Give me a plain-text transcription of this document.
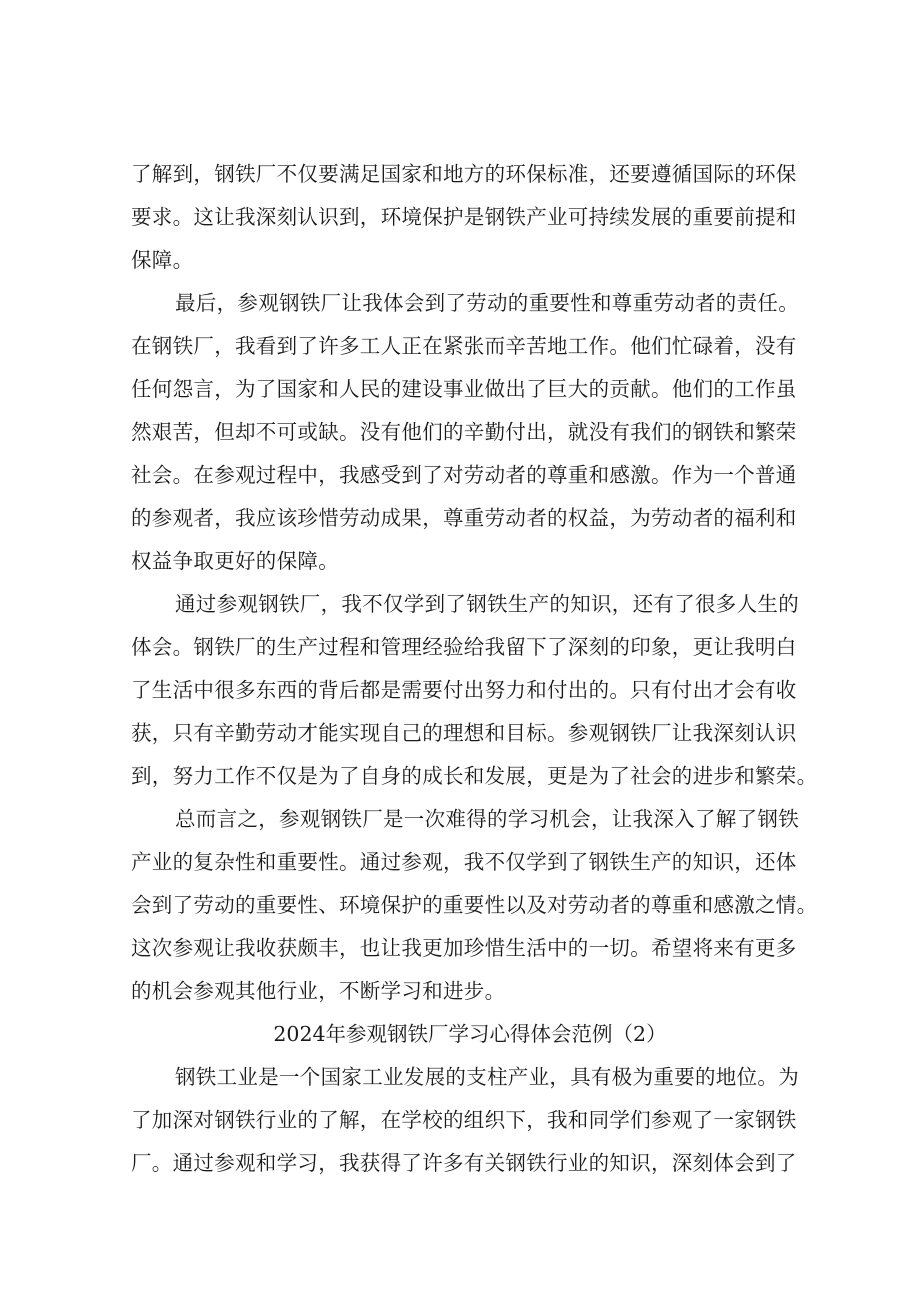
了解到，钢铁厂不仅要满足国家和地方的环保标准，还要遵循国际的环保
要求。这让我深刻认识到，环境保护是钢铁产业可持续发展的重要前提和
保障。
最后，参观钢铁厂让我体会到了劳动的重要性和尊重劳动者的责任。
在钢铁厂，我看到了许多工人正在紧张而辛苦地工作。他们忙碌着，没有
任何怨言，为了国家和人民的建设事业做出了巨大的贡献。他们的工作虽
然艰苦，但却不可或缺。没有他们的辛勤付出，就没有我们的钢铁和繁荣
社会。在参观过程中，我感受到了对劳动者的尊重和感激。作为一个普通
的参观者，我应该珍惜劳动成果，尊重劳动者的权益，为劳动者的福利和
权益争取更好的保障。
通过参观钢铁厂，我不仅学到了钢铁生产的知识，还有了很多人生的
体会。钢铁厂的生产过程和管理经验给我留下了深刻的印象，更让我明白
了生活中很多东西的背后都是需要付出努力和付出的。只有付出才会有收
获，只有辛勤劳动才能实现自己的理想和目标。参观钢铁厂让我深刻认识
到，努力工作不仅是为了自身的成长和发展，更是为了社会的进步和繁荣。
总而言之，参观钢铁厂是一次难得的学习机会，让我深入了解了钢铁
产业的复杂性和重要性。通过参观，我不仅学到了钢铁生产的知识，还体
会到了劳动的重要性、环境保护的重要性以及对劳动者的尊重和感激之情。
这次参观让我收获颇丰，也让我更加珍惜生活中的一切。希望将来有更多
的机会参观其他行业，不断学习和进步。
2024年参观钢铁厂学习心得体会范例（2）
钢铁工业是一个国家工业发展的支柱产业，具有极为重要的地位。为
了加深对钢铁行业的了解，在学校的组织下，我和同学们参观了一家钢铁
厂。通过参观和学习，我获得了许多有关钢铁行业的知识，深刻体会到了
